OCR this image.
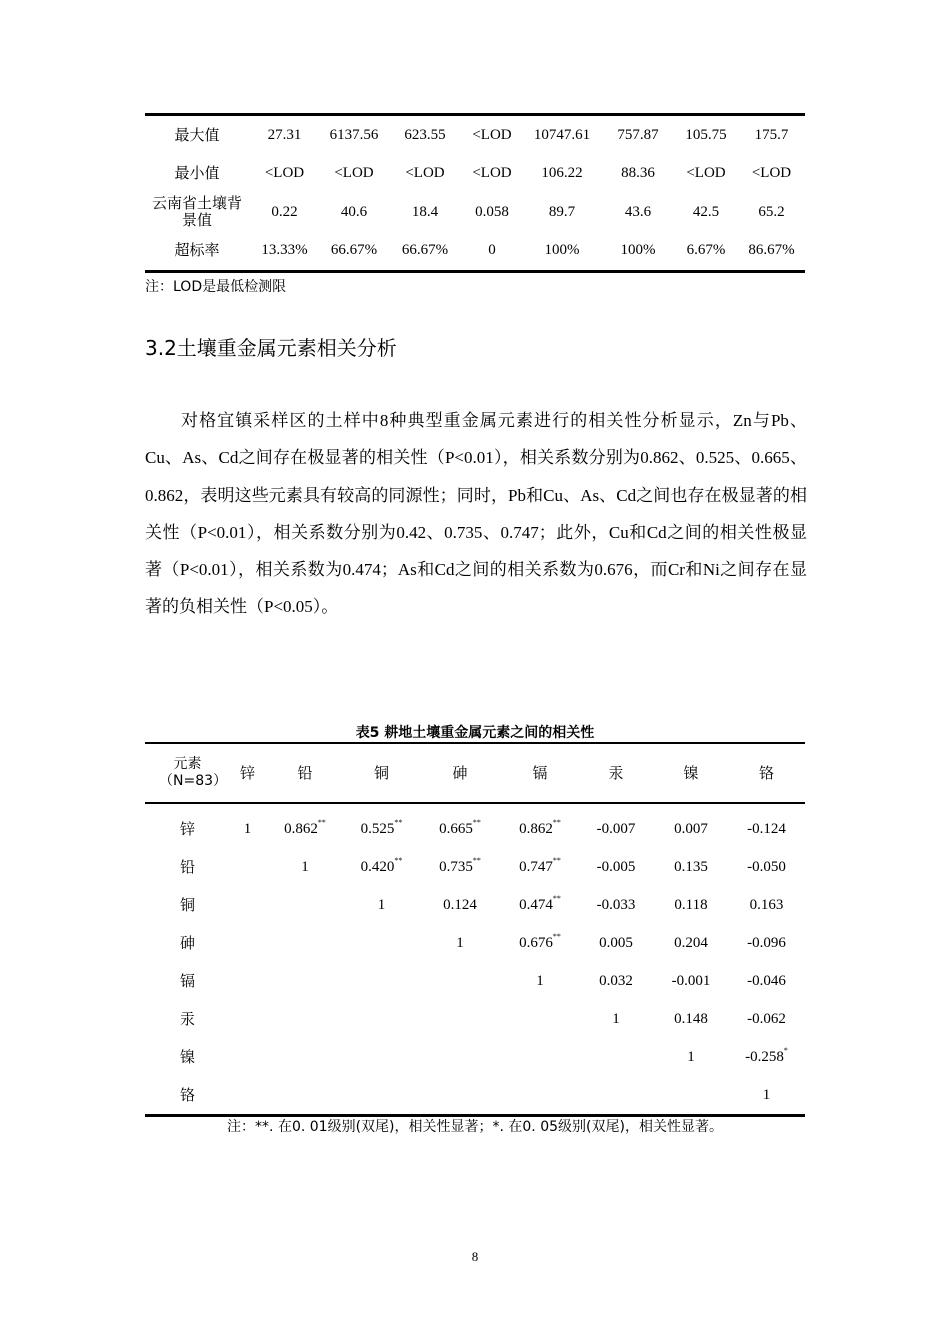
最大值	27.31	6137.56	623.55	<LOD	10747.61	757.87	105.75	175.7
最小值	<LOD	<LOD	<LOD	<LOD	106.22	88.36	<LOD	<LOD
云南省土壤背景值	0.22	40.6	18.4	0.058	89.7	43.6	42.5	65.2
超标率	13.33%	66.67%	66.67%	0	100%	100%	6.67%	86.67%
注：LOD是最低检测限
3.2土壤重金属元素相关分析

对格宜镇采样区的土样中8种典型重金属元素进行的相关性分析显示，Zn与Pb、Cu、As、Cd之间存在极显著的相关性（P<0.01），相关系数分别为0.862、0.525、0.665、0.862，表明这些元素具有较高的同源性；同时，Pb和Cu、As、Cd之间也存在极显著的相关性（P<0.01），相关系数分别为0.42、0.735、0.747；此外，Cu和Cd之间的相关性极显著（P<0.01），相关系数为0.474；As和Cd之间的相关系数为0.676，而Cr和Ni之间存在显著的负相关性（P<0.05）。

表5 耕地土壤重金属元素之间的相关性
元素（N=83）	锌	铅	铜	砷	镉	汞	镍	铬
锌	1	0.862**	0.525**	0.665**	0.862**	-0.007	0.007	-0.124
铅		1	0.420**	0.735**	0.747**	-0.005	0.135	-0.050
铜			1	0.124	0.474**	-0.033	0.118	0.163
砷				1	0.676**	0.005	0.204	-0.096
镉					1	0.032	-0.001	-0.046
汞						1	0.148	-0.062
镍							1	-0.258*
铬								1
注：**. 在0. 01级别(双尾)，相关性显著；*. 在0. 05级别(双尾)，相关性显著。
8
